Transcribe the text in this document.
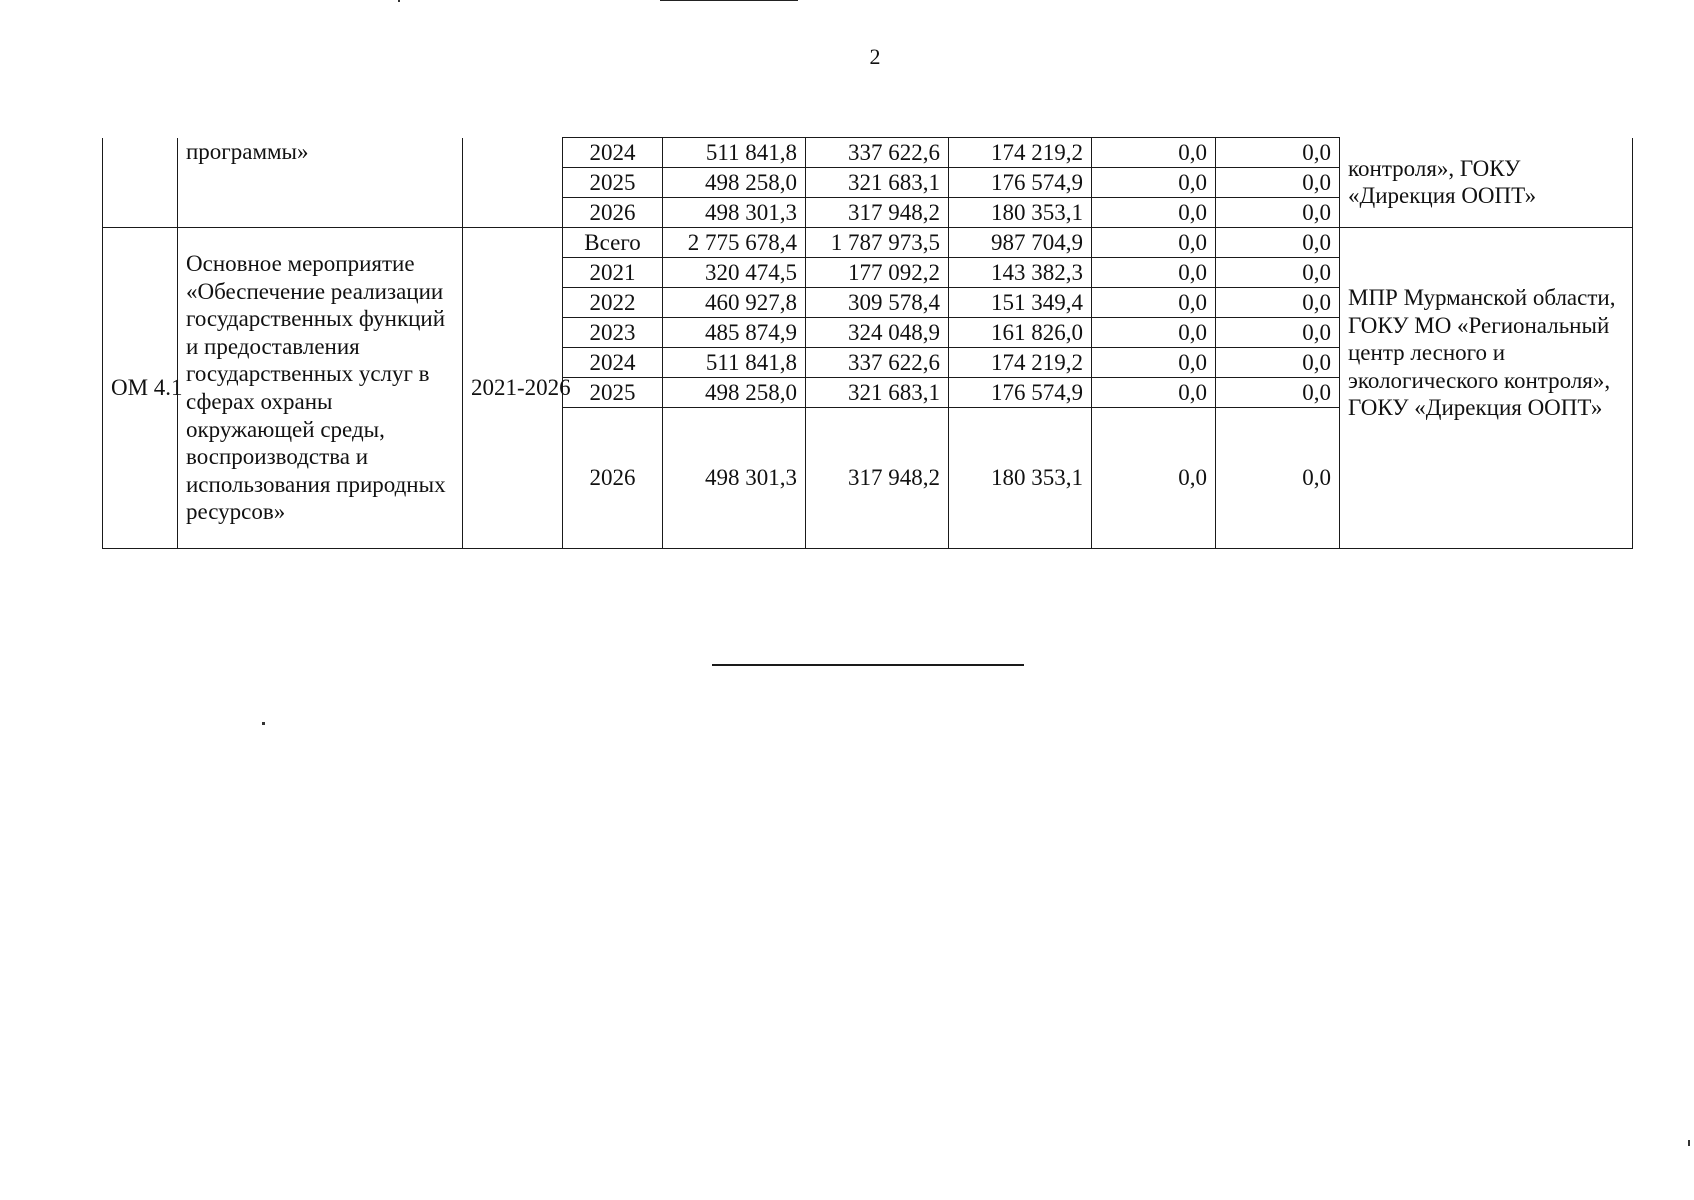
2
	программы»		2024	511 841,8	337 622,6	174 219,2	0,0	0,0	контроля», ГОКУ «Дирекция ООПТ»
			2025	498 258,0	321 683,1	176 574,9	0,0	0,0	
			2026	498 301,3	317 948,2	180 353,1	0,0	0,0	
ОМ 4.1	Основное мероприятие «Обеспечение реализации государственных функций и предоставления государственных услуг в сферах охраны окружающей среды, воспроизводства и использования природных ресурсов»	2021-2026	Всего	2 775 678,4	1 787 973,5	987 704,9	0,0	0,0	МПР Мурманской области, ГОКУ МО «Региональный центр лесного и экологического контроля», ГОКУ «Дирекция ООПТ»
			2021	320 474,5	177 092,2	143 382,3	0,0	0,0	
			2022	460 927,8	309 578,4	151 349,4	0,0	0,0	
			2023	485 874,9	324 048,9	161 826,0	0,0	0,0	
			2024	511 841,8	337 622,6	174 219,2	0,0	0,0	
			2025	498 258,0	321 683,1	176 574,9	0,0	0,0	
			2026	498 301,3	317 948,2	180 353,1	0,0	0,0	
